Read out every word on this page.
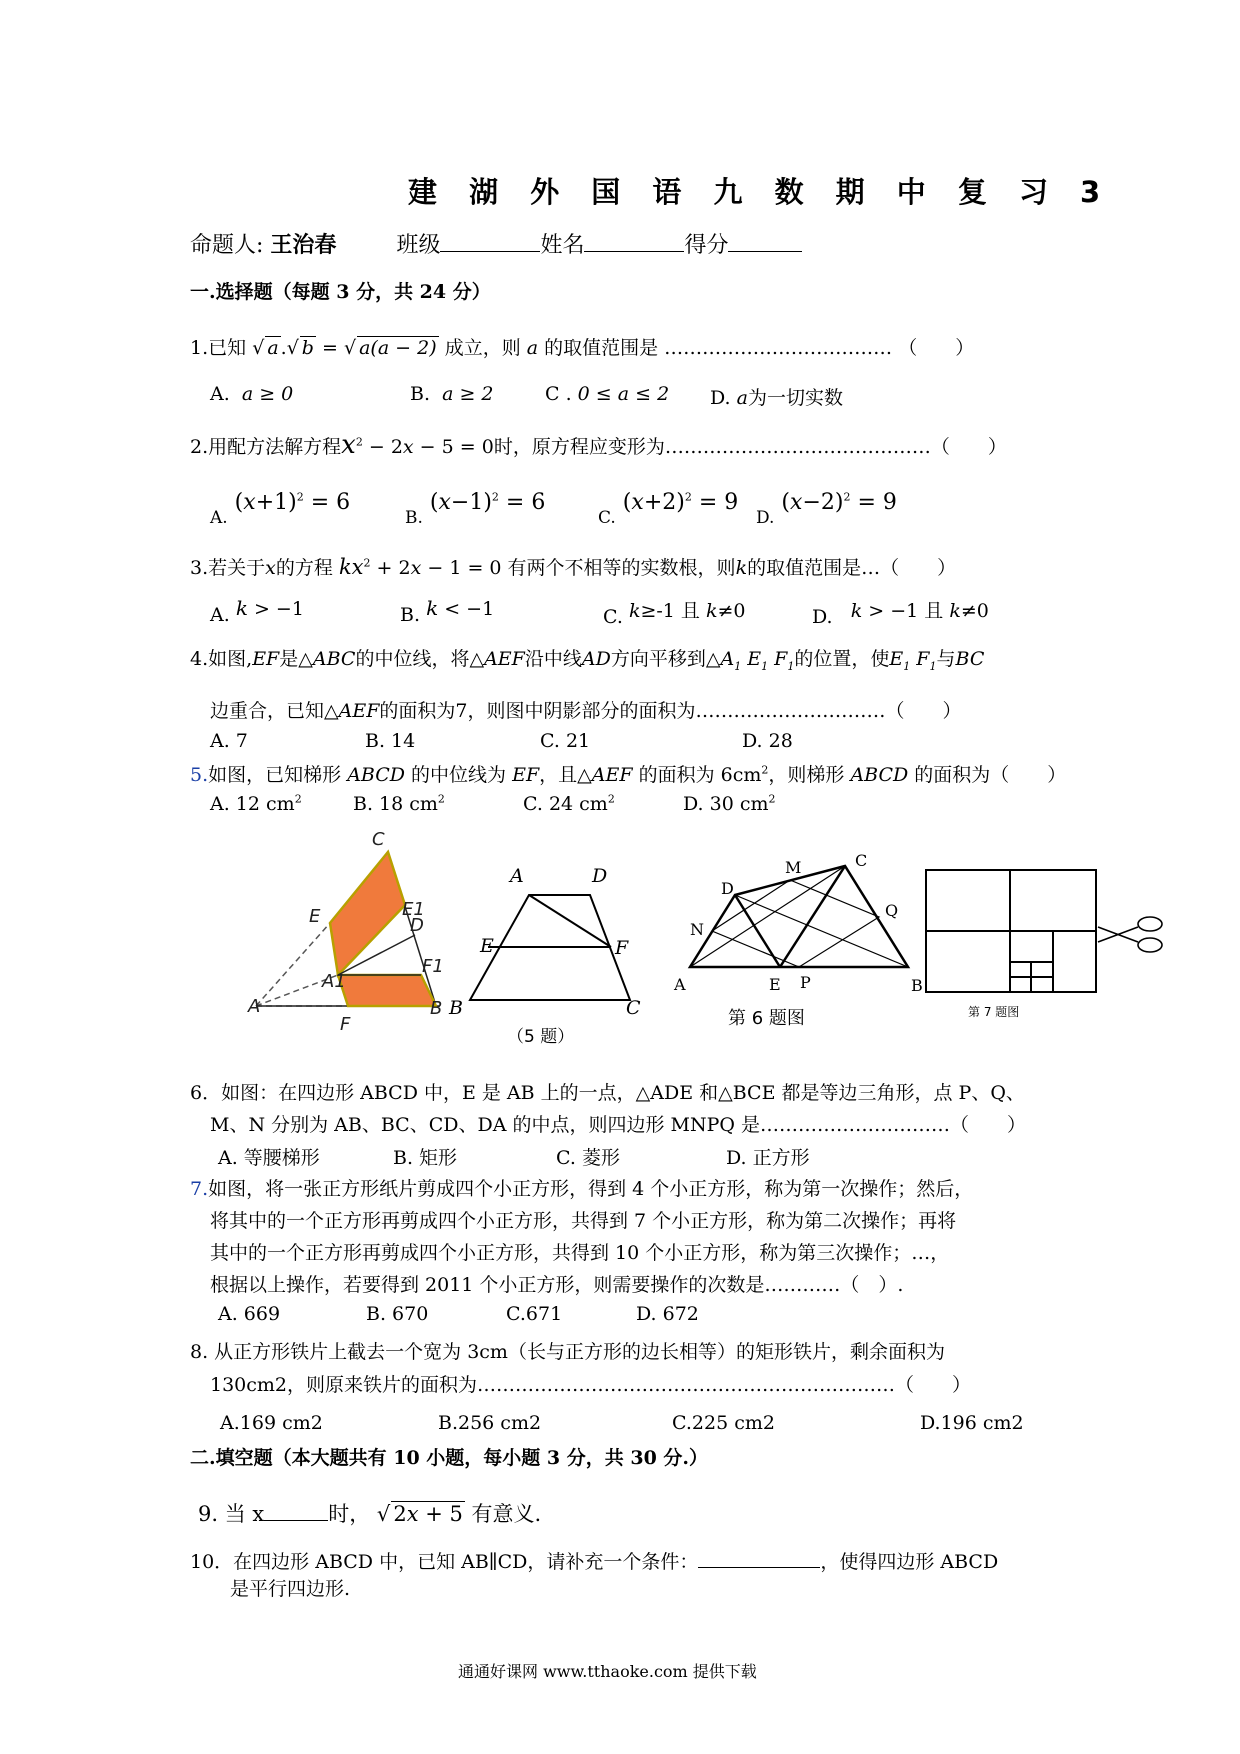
建 湖 外 国 语 九 数 期 中 复 习 3
命题人: 王治春	班级	姓名	得分
一.选择题（每题 3 分，共 24 分）
1.已知 √ a .√ b = √ a(a − 2) 成立，则 a 的取值范围是 ……………………………… （　　）
A. a ≥ 0	B. a ≥ 2	C . 0 ≤ a ≤ 2 D. a为一切实数
2.用配方法解方程$x^2 - 2x - 5 = 0$时，原方程应变形为……………………………………（　　）
$_{A.}$ $(x+1)^2 = 6$
$_{B.}$ $(x-1)^2 = 6$
$_{C.}$ $(x+2)^2 = 9$
$_{D.}$ $(x-2)^2 = 9$
3.若关于x的方程 $kx^2 + 2x - 1 = 0$ 有两个不相等的实数根，则k的取值范围是…（　　）
A. k > −1	B. k < −1	C. k≥-1 且 k≠0	D. k > −1 且 k≠0
4.如图,EF是△ABC的中位线，将△AEF沿中线AD方向平移到$\triangle A_1$ $E_1$ $F_1$的位置，使$E_1$ $F_1$与BC
边重合，已知△AEF的面积为7，则图中阴影部分的面积为…………………………（　　）
A. 7	B. 14	C. 21	D. 28
5.如图，已知梯形 ABCD 的中位线为 EF，且△AEF 的面积为 $6cm^2$，则梯形 ABCD 的面积为（　　）
A. 12 $cm^2$	B. 18 $cm^2$	C. 24 $cm^2$	D. 30 $cm^2$
C
E	E1
D
A1
F1
A
F
B
A	D
E	F
B	C
M	C
D
Q
N
A	E P	B
（5 题）
第 6 题图	第 7 题图
6．如图：在四边形 ABCD 中，E 是 AB 上的一点，△ADE 和△BCE 都是等边三角形，点 P、Q、
M、N 分别为 AB、BC、CD、DA 的中点，则四边形 MNPQ 是…………………………（　　）
A. 等腰梯形	B. 矩形	C. 菱形	D. 正方形
7.如图，将一张正方形纸片剪成四个小正方形，得到 4 个小正方形，称为第一次操作；然后，
将其中的一个正方形再剪成四个小正方形，共得到 7 个小正方形，称为第二次操作；再将
其中的一个正方形再剪成四个小正方形，共得到 10 个小正方形，称为第三次操作；…，
根据以上操作，若要得到 2011 个小正方形，则需要操作的次数是…………（　）.
A. 669	B. 670	C.671	D. 672
8. 从正方形铁片上截去一个宽为 3cm（长与正方形的边长相等）的矩形铁片，剩余面积为
130cm2，则原来铁片的面积为…………………………………………………………（　　）
A.169 cm2	B.256 cm2	C.225 cm2	D.196 cm2
二.填空题（本大题共有 10 小题，每小题 3 分，共 30 分.）
9. 当 x	时， √ 2x + 5 有意义.
10．在四边形 ABCD 中，已知 AB∥CD，请补充一个条件：	，使得四边形 ABCD
是平行四边形.
通通好课网 www.tthaoke.com 提供下载
